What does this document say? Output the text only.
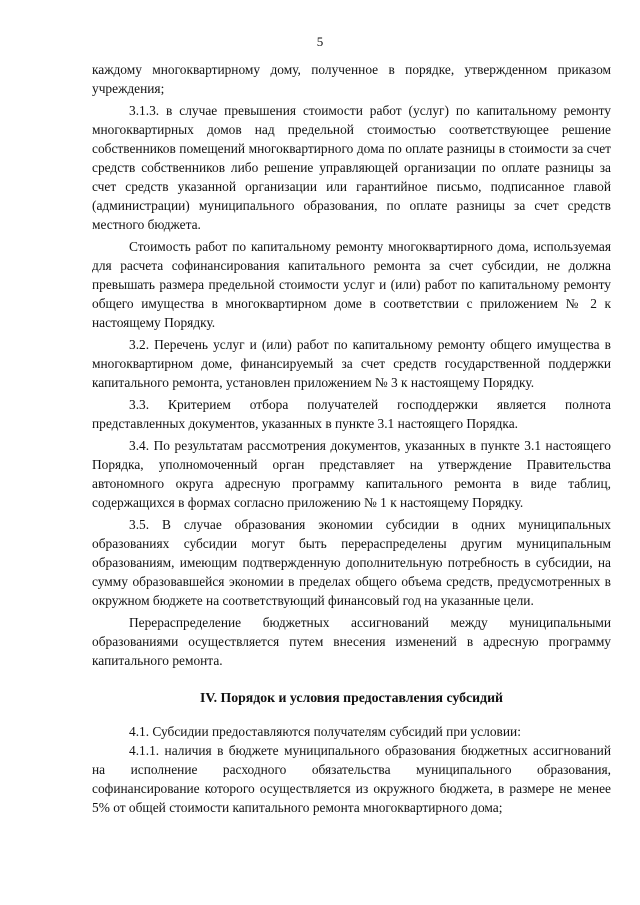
5

каждому многоквартирному дому, полученное в порядке, утвержденном приказом учреждения;

3.1.3. в случае превышения стоимости работ (услуг) по капитальному ремонту многоквартирных домов над предельной стоимостью соответствующее решение собственников помещений многоквартирного дома по оплате разницы в стоимости за счет средств собственников либо решение управляющей организации по оплате разницы за счет средств указанной организации или гарантийное письмо, подписанное главой (администрации) муниципального образования, по оплате разницы за счет средств местного бюджета.

Стоимость работ по капитальному ремонту многоквартирного дома, используемая для расчета софинансирования капитального ремонта за счет субсидии, не должна превышать размера предельной стоимости услуг и (или) работ по капитальному ремонту общего имущества в многоквартирном доме в соответствии с приложением № 2 к настоящему Порядку.

3.2. Перечень услуг и (или) работ по капитальному ремонту общего имущества в многоквартирном доме, финансируемый за счет средств государственной поддержки капитального ремонта, установлен приложением № 3 к настоящему Порядку.

3.3. Критерием отбора получателей господдержки является полнота представленных документов, указанных в пункте 3.1 настоящего Порядка.

3.4. По результатам рассмотрения документов, указанных в пункте 3.1 настоящего Порядка, уполномоченный орган представляет на утверждение Правительства автономного округа адресную программу капитального ремонта в виде таблиц, содержащихся в формах согласно приложению № 1 к настоящему Порядку.

3.5. В случае образования экономии субсидии в одних муниципальных образованиях субсидии могут быть перераспределены другим муниципальным образованиям, имеющим подтвержденную дополнительную потребность в субсидии, на сумму образовавшейся экономии в пределах общего объема средств, предусмотренных в окружном бюджете на соответствующий финансовый год на указанные цели.

Перераспределение бюджетных ассигнований между муниципальными образованиями осуществляется путем внесения изменений в адресную программу капитального ремонта.

IV. Порядок и условия предоставления субсидий

4.1. Субсидии предоставляются получателям субсидий при условии:

4.1.1. наличия в бюджете муниципального образования бюджетных ассигнований на исполнение расходного обязательства муниципального образования, софинансирование которого осуществляется из окружного бюджета, в размере не менее 5% от общей стоимости капитального ремонта многоквартирного дома;
